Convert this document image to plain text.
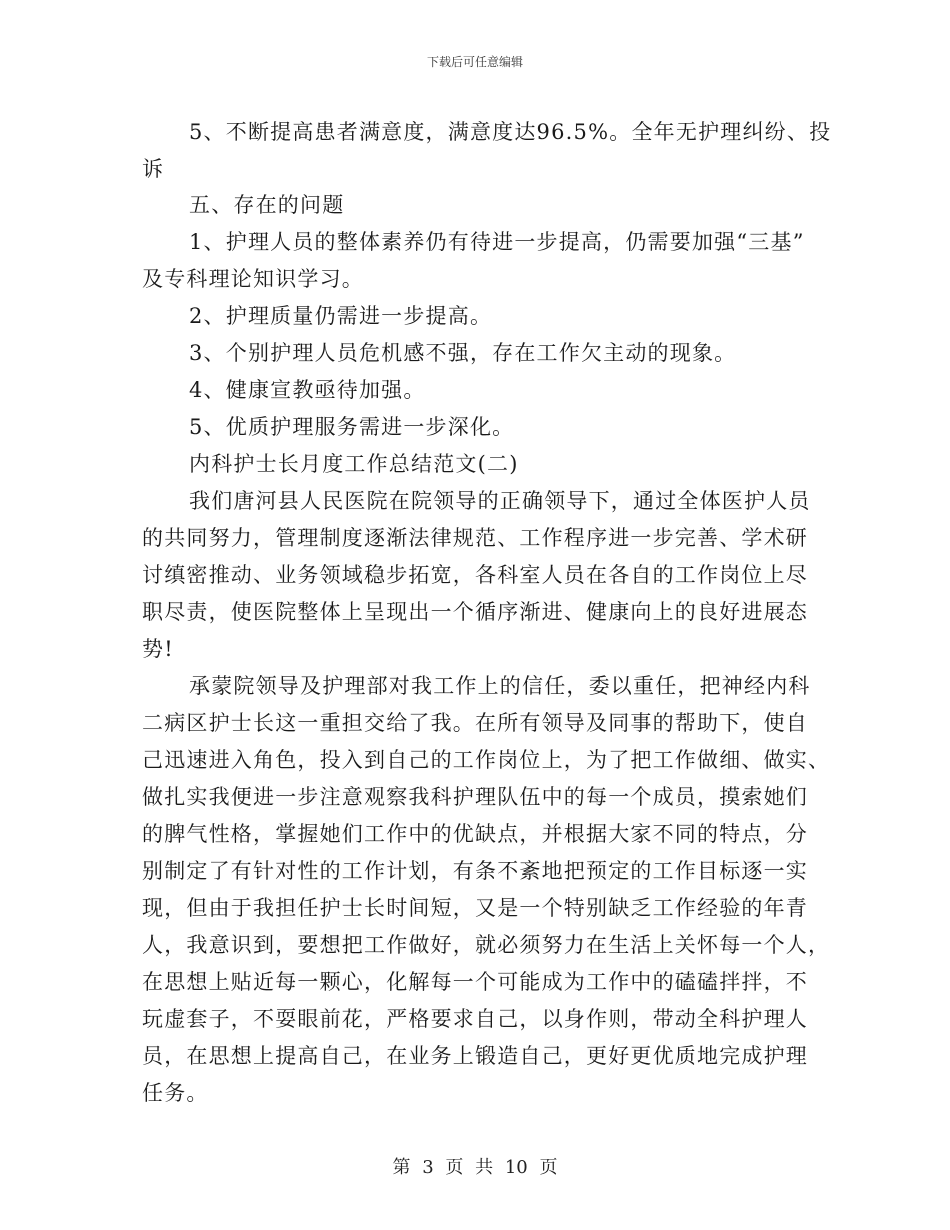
下载后可任意编辑
5、不断提高患者满意度，满意度达96.5%。全年无护理纠纷、投
诉
五、存在的问题
1、护理人员的整体素养仍有待进一步提高，仍需要加强“三基”
及专科理论知识学习。
2、护理质量仍需进一步提高。
3、个别护理人员危机感不强，存在工作欠主动的现象。
4、健康宣教亟待加强。
5、优质护理服务需进一步深化。
内科护士长月度工作总结范文(二)
我们唐河县人民医院在院领导的正确领导下，通过全体医护人员
的共同努力，管理制度逐渐法律规范、工作程序进一步完善、学术研
讨缜密推动、业务领域稳步拓宽，各科室人员在各自的工作岗位上尽
职尽责，使医院整体上呈现出一个循序渐进、健康向上的良好进展态
势!
承蒙院领导及护理部对我工作上的信任，委以重任，把神经内科
二病区护士长这一重担交给了我。在所有领导及同事的帮助下，使自
己迅速进入角色，投入到自己的工作岗位上，为了把工作做细、做实、
做扎实我便进一步注意观察我科护理队伍中的每一个成员，摸索她们
的脾气性格，掌握她们工作中的优缺点，并根据大家不同的特点，分
别制定了有针对性的工作计划，有条不紊地把预定的工作目标逐一实
现，但由于我担任护士长时间短，又是一个特别缺乏工作经验的年青
人，我意识到，要想把工作做好，就必须努力在生活上关怀每一个人，
在思想上贴近每一颗心，化解每一个可能成为工作中的磕磕拌拌，不
玩虚套子，不耍眼前花，严格要求自己，以身作则，带动全科护理人
员，在思想上提高自己，在业务上锻造自己，更好更优质地完成护理
任务。
第 3 页 共 10 页
